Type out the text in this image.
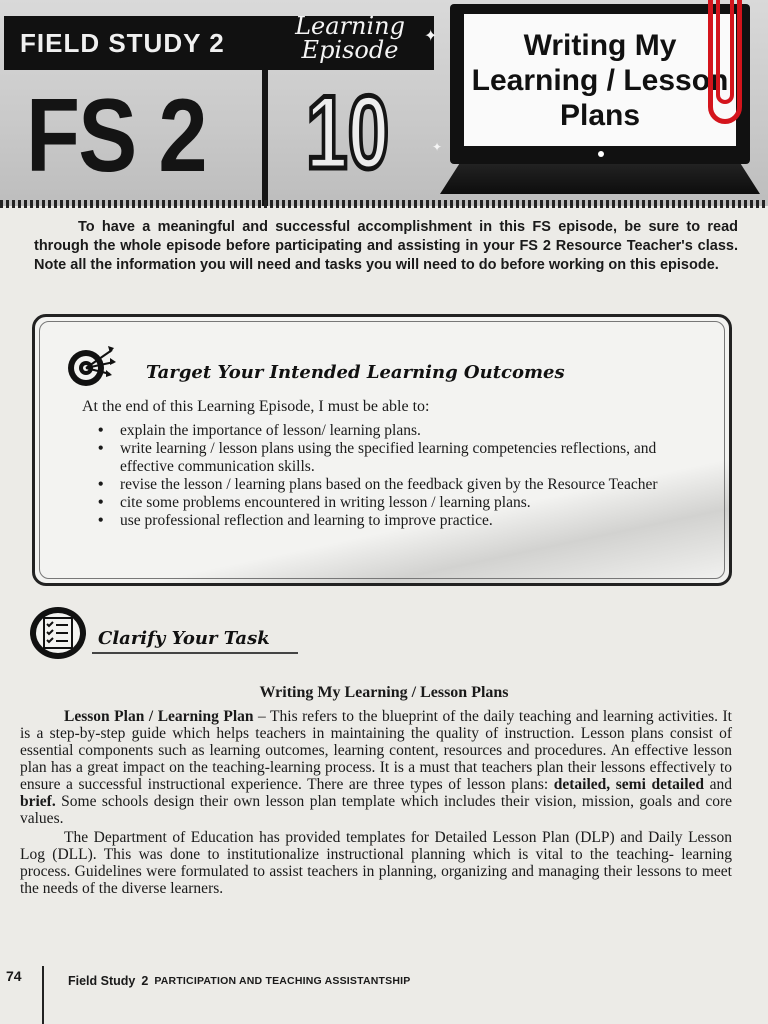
FIELD STUDY 2
Learning Episode
✦
✦
FS 2 10
Writing My Learning / Lesson Plans
To have a meaningful and successful accomplishment in this FS episode, be sure to read through the whole episode before participating and assisting in your FS 2 Resource Teacher's class. Note all the information you will need and tasks you will need to do before working on this episode.
Target Your Intended Learning Outcomes
At the end of this Learning Episode, I must be able to:
• explain the importance of lesson/ learning plans.
• write learning / lesson plans using the specified learning competencies reflections, and effective communication skills.
• revise the lesson / learning plans based on the feedback given by the Resource Teacher
• cite some problems encountered in writing lesson / learning plans.
• use professional reflection and learning to improve practice.
Clarify Your Task
Writing My Learning / Lesson Plans

Lesson Plan / Learning Plan – This refers to the blueprint of the daily teaching and learning activities. It is a step-by-step guide which helps teachers in maintaining the quality of instruction. Lesson plans consist of essential components such as learning outcomes, learning content, resources and procedures. An effective lesson plan has a great impact on the teaching-learning process. It is a must that teachers plan their lessons effectively to ensure a successful instructional experience. There are three types of lesson plans: detailed, semi detailed and brief. Some schools design their own lesson plan template which includes their vision, mission, goals and core values.

The Department of Education has provided templates for Detailed Lesson Plan (DLP) and Daily Lesson Log (DLL). This was done to institutionalize instructional planning which is vital to the teaching- learning process. Guidelines were formulated to assist teachers in planning, organizing and managing their lessons to meet the needs of the diverse learners.

74	Field Study 2 PARTICIPATION AND TEACHING ASSISTANTSHIP
